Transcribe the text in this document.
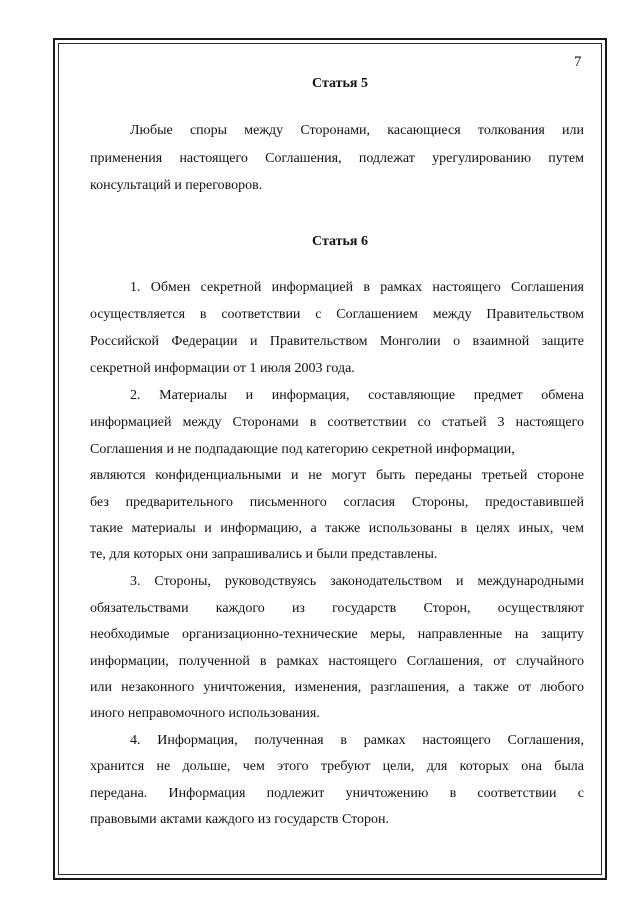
7
Статья 5
Любые споры между Сторонами, касающиеся толкования или
применения настоящего Соглашения, подлежат урегулированию путем
консультаций и переговоров.
Статья 6
1. Обмен секретной информацией в рамках настоящего Соглашения
осуществляется в соответствии с Соглашением между Правительством
Российской Федерации и Правительством Монголии о взаимной защите
секретной информации от 1 июля 2003 года.
2. Материалы и информация, составляющие предмет обмена
информацией между Сторонами в соответствии со статьей 3 настоящего
Соглашения и не подпадающие под категорию секретной информации,
являются конфиденциальными и не могут быть переданы третьей стороне
без предварительного письменного согласия Стороны, предоставившей
такие материалы и информацию, а также использованы в целях иных, чем
те, для которых они запрашивались и были представлены.
3. Стороны, руководствуясь законодательством и международными
обязательствами каждого из государств Сторон, осуществляют
необходимые организационно-технические меры, направленные на защиту
информации, полученной в рамках настоящего Соглашения, от случайного
или незаконного уничтожения, изменения, разглашения, а также от любого
иного неправомочного использования.
4. Информация, полученная в рамках настоящего Соглашения,
хранится не дольше, чем этого требуют цели, для которых она была
передана. Информация подлежит уничтожению в соответствии с
правовыми актами каждого из государств Сторон.
